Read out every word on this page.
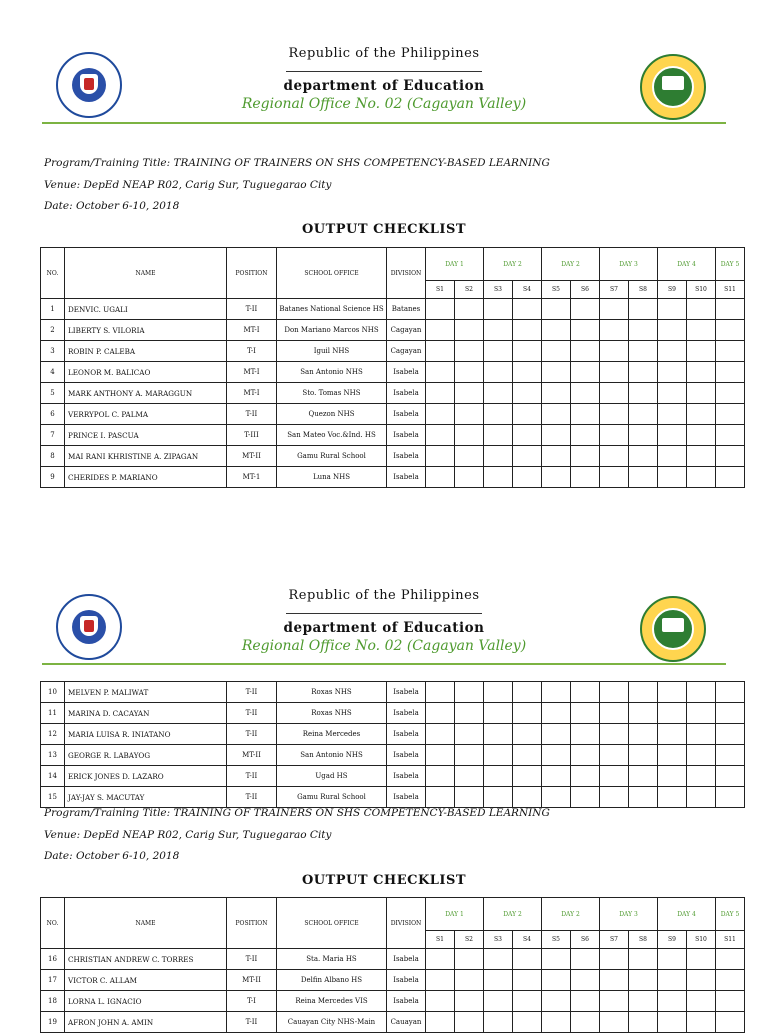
Republic of the Philippines
department of Education
Regional Office No. 02 (Cagayan Valley)
Program/Training Title: TRAINING OF TRAINERS ON SHS COMPETENCY-BASED LEARNING
Venue: DepEd NEAP R02, Carig Sur, Tuguegarao City
Date: October 6-10, 2018
OUTPUT CHECKLIST
NO.	NAME	POSITION	SCHOOL OFFICE	DIVISION	DAY 1		DAY 2		DAY 2		DAY 3		DAY 4		DAY 5
					S1	S2	S3	S4	S5	S6	S7	S8	S9	S10	S11
1	DENVIC. UGALI	T-II	Batanes National Science HS	Batanes											
2	LIBERTY S. VILORIA	MT-I	Don Mariano Marcos NHS	Cagayan											
3	ROBIN P. CALEBA	T-I	Iguil NHS	Cagayan											
4	LEONOR M. BALICAO	MT-I	San Antonio NHS	Isabela											
5	MARK ANTHONY A. MARAGGUN	MT-I	Sto. Tomas NHS	Isabela											
6	VERRYPOL C. PALMA	T-II	Quezon NHS	Isabela											
7	PRINCE I. PASCUA	T-III	San Mateo Voc.&Ind. HS	Isabela											
8	MAI RANI KHRISTINE A. ZIPAGAN	MT-II	Gamu Rural School	Isabela											
9	CHERIDES P. MARIANO	MT-1	Luna NHS	Isabela											
Republic of the Philippines
department of Education
Regional Office No. 02 (Cagayan Valley)
10	MELVEN P. MALIWAT	T-II	Roxas NHS	Isabela											
11	MARINA D. CACAYAN	T-II	Roxas NHS	Isabela											
12	MARIA LUISA R. INIATANO	T-II	Reina Mercedes	Isabela											
13	GEORGE R. LABAYOG	MT-II	San Antonio NHS	Isabela											
14	ERICK JONES D. LAZARO	T-II	Ugad HS	Isabela											
15	JAY-JAY S. MACUTAY	T-II	Gamu Rural School	Isabela											
Program/Training Title: TRAINING OF TRAINERS ON SHS COMPETENCY-BASED LEARNING
Venue: DepEd NEAP R02, Carig Sur, Tuguegarao City
Date: October 6-10, 2018
OUTPUT CHECKLIST
NO.	NAME	POSITION	SCHOOL OFFICE	DIVISION	DAY 1		DAY 2		DAY 2		DAY 3		DAY 4		DAY 5
					S1	S2	S3	S4	S5	S6	S7	S8	S9	S10	S11
16	CHRISTIAN ANDREW C. TORRES	T-II	Sta. Maria HS	Isabela											
17	VICTOR C. ALLAM	MT-II	Delfin Albano HS	Isabela											
18	LORNA L. IGNACIO	T-I	Reina Mercedes VIS	Isabela											
19	AFRON JOHN A. AMIN	T-II	Cauayan City NHS-Main	Cauayan											
